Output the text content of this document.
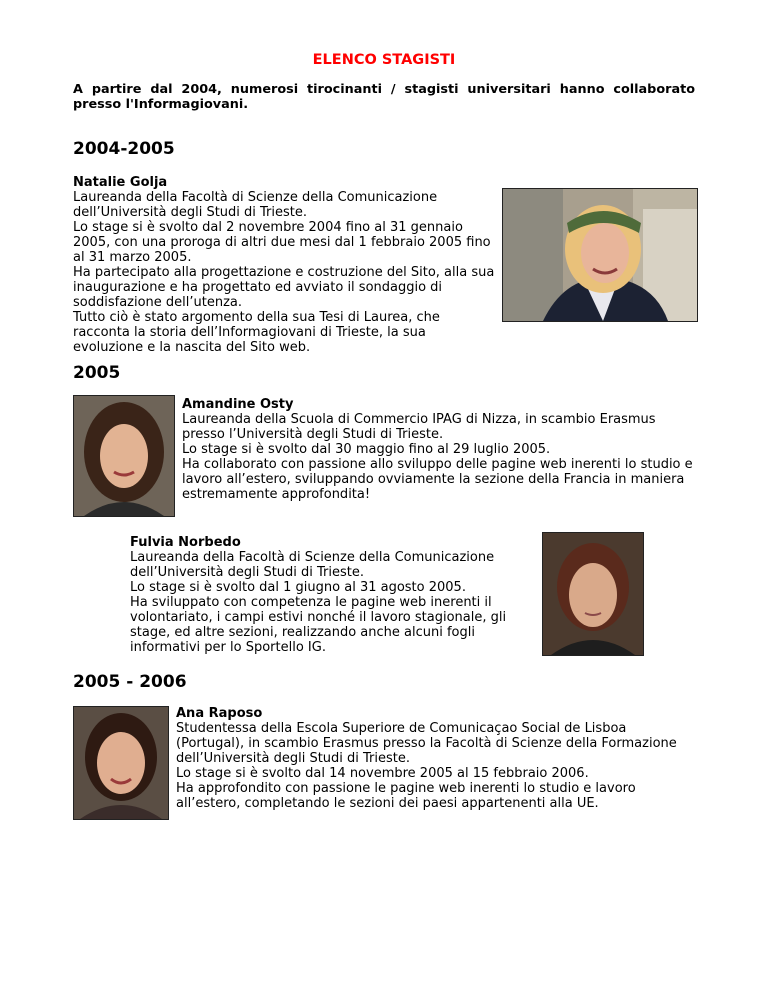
ELENCO STAGISTI
A partire dal 2004, numerosi tirocinanti / stagisti universitari hanno collaborato presso l'Informagiovani.
2004-2005
Natalie Golja

Laureanda della Facoltà di Scienze della Comunicazione

dell’Università degli Studi di Trieste.

Lo stage si è svolto dal 2 novembre 2004 fino al 31 gennaio

2005, con una proroga di altri due mesi dal 1 febbraio 2005 fino

al 31 marzo 2005.

Ha partecipato alla progettazione e costruzione del Sito, alla sua

inaugurazione e ha progettato ed avviato il sondaggio di

soddisfazione dell’utenza.

Tutto ciò è stato argomento della sua Tesi di Laurea, che

racconta la storia dell’Informagiovani di Trieste, la sua

evoluzione e la nascita del Sito web.

2005
Amandine Osty

Laureanda della Scuola di Commercio IPAG di Nizza, in scambio Erasmus

presso l’Università degli Studi di Trieste.

Lo stage si è svolto dal 30 maggio fino al 29 luglio 2005.

Ha collaborato con passione allo sviluppo delle pagine web inerenti lo studio e

lavoro all’estero, sviluppando ovviamente la sezione della Francia in maniera

estremamente approfondita!

Fulvia Norbedo

Laureanda della Facoltà di Scienze della Comunicazione

dell’Università degli Studi di Trieste.

Lo stage si è svolto dal 1 giugno al 31 agosto 2005.

Ha sviluppato con competenza le pagine web inerenti il

volontariato, i campi estivi nonché il lavoro stagionale, gli

stage, ed altre sezioni, realizzando anche alcuni fogli

informativi per lo Sportello IG.

2005 - 2006
Ana Raposo

Studentessa della Escola Superiore de Comunicaçao Social de Lisboa

(Portugal), in scambio Erasmus presso la Facoltà di Scienze della Formazione

dell’Università degli Studi di Trieste.

Lo stage si è svolto dal 14 novembre 2005 al 15 febbraio 2006.

Ha approfondito con passione le pagine web inerenti lo studio e lavoro

all’estero, completando le sezioni dei paesi appartenenti alla UE.
